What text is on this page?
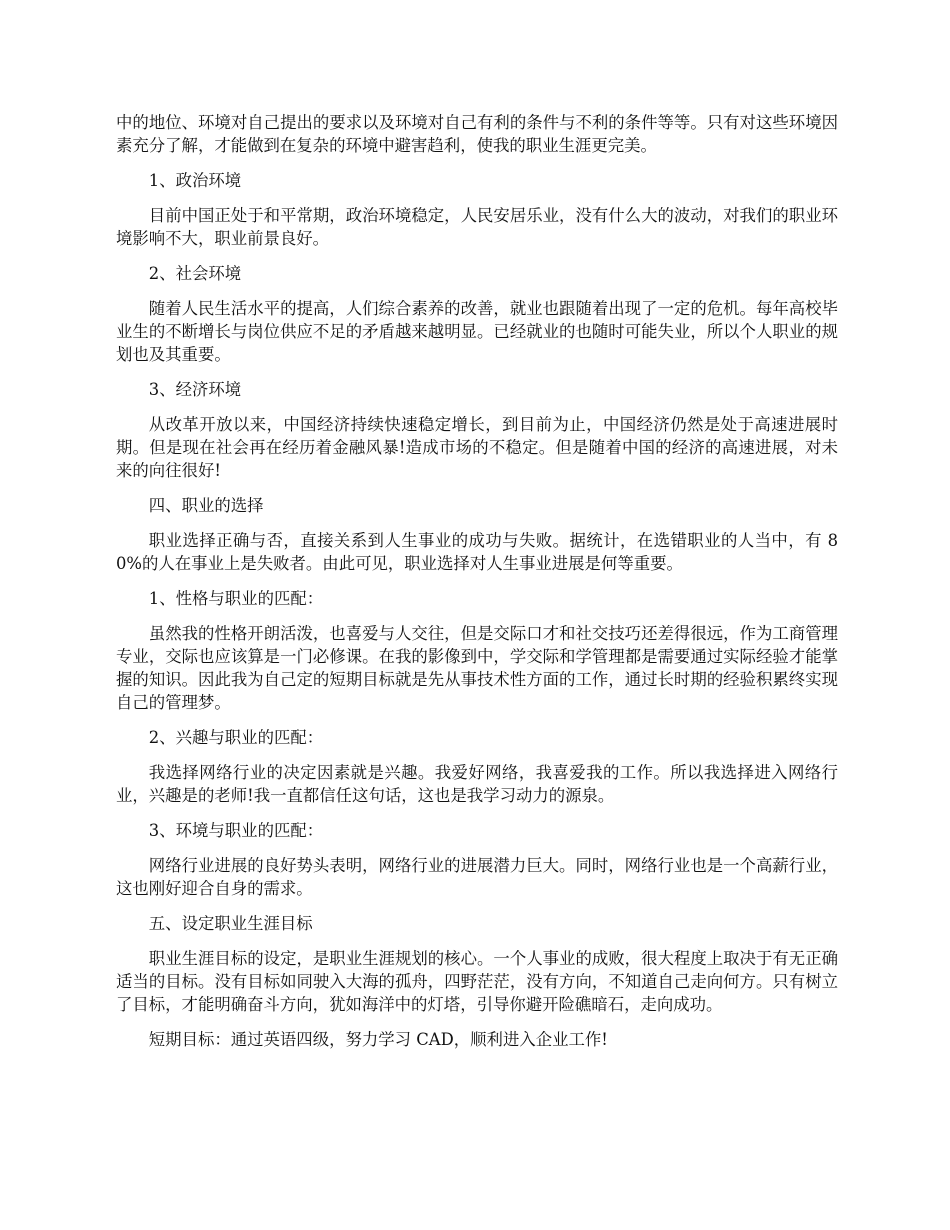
中的地位、环境对自己提出的要求以及环境对自己有利的条件与不利的条件等等。只有对这些环境因素充分了解，才能做到在复杂的环境中避害趋利，使我的职业生涯更完美。

1、政治环境

目前中国正处于和平常期，政治环境稳定，人民安居乐业，没有什么大的波动，对我们的职业环境影响不大，职业前景良好。

2、社会环境

随着人民生活水平的提高，人们综合素养的改善，就业也跟随着出现了一定的危机。每年高校毕业生的不断增长与岗位供应不足的矛盾越来越明显。已经就业的也随时可能失业，所以个人职业的规划也及其重要。

3、经济环境

从改革开放以来，中国经济持续快速稳定增长，到目前为止，中国经济仍然是处于高速进展时期。但是现在社会再在经历着金融风暴!造成市场的不稳定。但是随着中国的经济的高速进展，对未来的向往很好!

四、职业的选择

职业选择正确与否，直接关系到人生事业的成功与失败。据统计，在选错职业的人当中，有 80%的人在事业上是失败者。由此可见，职业选择对人生事业进展是何等重要。

1、性格与职业的匹配：

虽然我的性格开朗活泼，也喜爱与人交往，但是交际口才和社交技巧还差得很远，作为工商管理专业，交际也应该算是一门必修课。在我的影像到中，学交际和学管理都是需要通过实际经验才能掌握的知识。因此我为自己定的短期目标就是先从事技术性方面的工作，通过长时期的经验积累终实现自己的管理梦。

2、兴趣与职业的匹配：

我选择网络行业的决定因素就是兴趣。我爱好网络，我喜爱我的工作。所以我选择进入网络行业，兴趣是的老师!我一直都信任这句话，这也是我学习动力的源泉。

3、环境与职业的匹配：

网络行业进展的良好势头表明，网络行业的进展潜力巨大。同时，网络行业也是一个高薪行业，这也刚好迎合自身的需求。

五、设定职业生涯目标

职业生涯目标的设定，是职业生涯规划的核心。一个人事业的成败，很大程度上取决于有无正确适当的目标。没有目标如同驶入大海的孤舟，四野茫茫，没有方向，不知道自己走向何方。只有树立了目标，才能明确奋斗方向，犹如海洋中的灯塔，引导你避开险礁暗石，走向成功。

短期目标：通过英语四级，努力学习 CAD，顺利进入企业工作!
